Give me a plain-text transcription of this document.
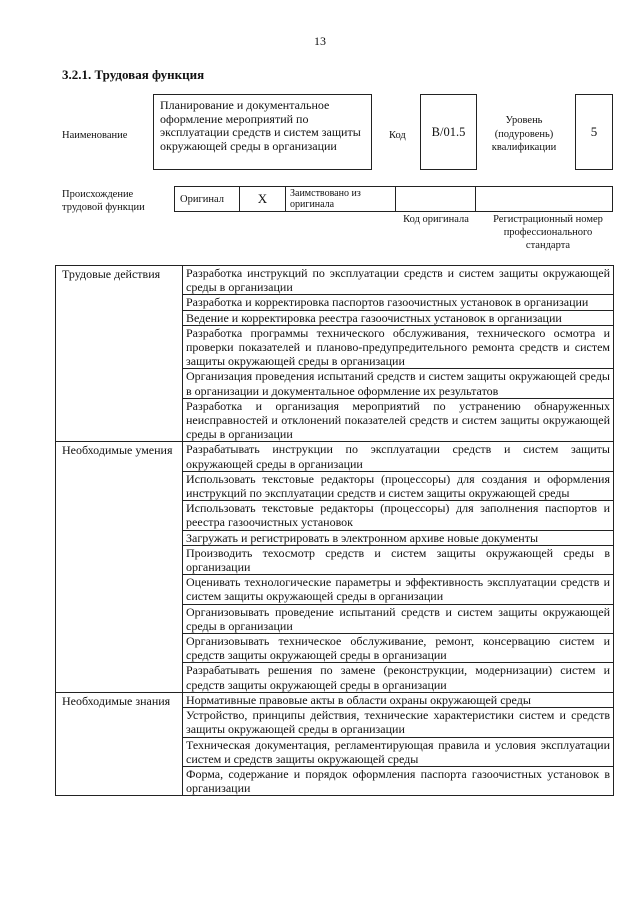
13
3.2.1. Трудовая функция
Наименование
Планирование и документальное оформление мероприятий по эксплуатации средств и систем защиты окружающей среды в организации
Код	B/01.5
Уровень (подуровень) квалификации
5
Происхождение трудовой функции
Оригинал	X	Заимствовано из оригинала
Код оригинала	Регистрационный номер профессионального стандарта
Трудовые действия	Разработка инструкций по эксплуатации средств и систем защиты окружающей среды в организации
	Разработка и корректировка паспортов газоочистных установок в организации
	Ведение и корректировка реестра газоочистных установок в организации
	Разработка программы технического обслуживания, технического осмотра и проверки показателей и планово-предупредительного ремонта средств и систем защиты окружающей среды в организации
	Организация проведения испытаний средств и систем защиты окружающей среды в организации и документальное оформление их результатов
	Разработка и организация мероприятий по устранению обнаруженных неисправностей и отклонений показателей средств и систем защиты окружающей среды в организации
Необходимые умения	Разрабатывать инструкции по эксплуатации средств и систем защиты окружающей среды в организации
	Использовать текстовые редакторы (процессоры) для создания и оформления инструкций по эксплуатации средств и систем защиты окружающей среды
	Использовать текстовые редакторы (процессоры) для заполнения паспортов и реестра газоочистных установок
	Загружать и регистрировать в электронном архиве новые документы
	Производить техосмотр средств и систем защиты окружающей среды в организации
	Оценивать технологические параметры и эффективность эксплуатации средств и систем защиты окружающей среды в организации
	Организовывать проведение испытаний средств и систем защиты окружающей среды в организации
	Организовывать техническое обслуживание, ремонт, консервацию систем и средств защиты окружающей среды в организации
	Разрабатывать решения по замене (реконструкции, модернизации) систем и средств защиты окружающей среды в организации
Необходимые знания	Нормативные правовые акты в области охраны окружающей среды
	Устройство, принципы действия, технические характеристики систем и средств защиты окружающей среды в организации
	Техническая документация, регламентирующая правила и условия эксплуатации систем и средств защиты окружающей среды
	Форма, содержание и порядок оформления паспорта газоочистных установок в организации
